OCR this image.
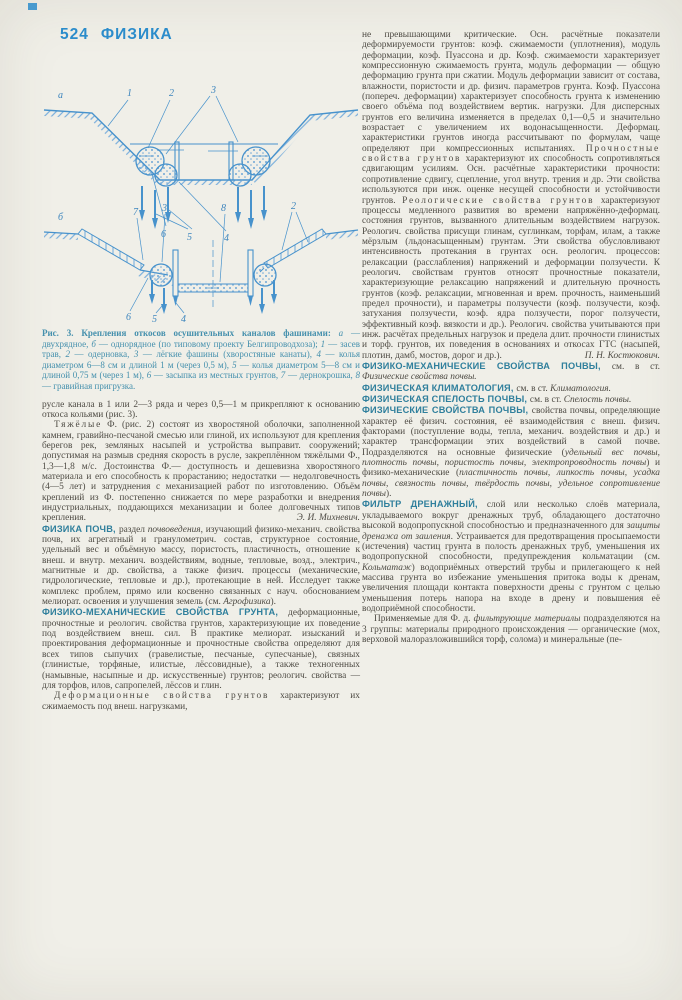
524 ФИЗИКА
а	1	2	3
6 5	4
б	7 3	8	2
6 5 4
Рис. 3. Крепления откосов осушительных каналов фашинами: а — двухрядное, б — однорядное (по типовому проекту Белгипроводхоза); 1 — засев трав, 2 — одерновка, 3 — лёгкие фашины (хворостяные канаты), 4 — колья диаметром 6—8 см и длиной 1 м (через 0,5 м), 5 — колья диаметром 5—8 см и длиной 0,75 м (через 1 м), 6 — засыпка из местных грунтов, 7 — дернокрошка, 8 — гравийная пригрузка.

русле канала в 1 или 2—3 ряда и через 0,5—1 м прикрепляют к основанию откоса кольями (рис. 3).

Тяжёлые Ф. (рис. 2) состоят из хворостяной оболочки, заполненной камнем, гравийно-песчаной смесью или глиной, их используют для крепления берегов рек, земляных насыпей и устройства выправит. сооружений; допустимая на размыв средняя скорость в русле, закреплённом тяжёлыми Ф., 1,3—1,8 м/с. Достоинства Ф.— доступность и дешевизна хворостяного материала и его способность к прорастанию; недостатки — недолговечность (4—5 лет) и затруднения с механизацией работ по изготовлению. Объём креплений из Ф. постепенно снижается по мере разработки и внедрения индустриальных, поддающихся механизации и более долговечных типов крепления.	Э. И. Михневич.

ФИЗИКА ПОЧВ, раздел почвоведения, изучающий физико-механич. свойства почв, их агрегатный и гранулометрич. состав, структурное состояние, удельный вес и объёмную массу, пористость, пластичность, отношение к внеш. и внутр. механич. воздействиям, водные, тепловые, возд., электрич., магнитные и др. свойства, а также физич. процессы (механические, гидрологические, тепловые и др.), протекающие в ней. Исследует также комплекс проблем, прямо или косвенно связанных с науч. обоснованием мелиорат. освоения и улучшения земель (см. Агрофизика).

ФИЗИКО-МЕХАНИЧЕСКИЕ СВОЙСТВА ГРУНТА, деформационные, прочностные и реологич. свойства грунтов, характеризующие их поведение под воздействием внеш. сил. В практике мелиорат. изысканий и проектирования деформационные и прочностные свойства определяют для всех типов сыпучих (гравелистые, песчаные, супесчаные), связных (глинистые, торфяные, илистые, лёссовидные), а также техногенных (намывные, насыпные и др. искусственные) грунтов; реологич. свойства — для торфов, илов, сапропелей, лёссов и глин.

Деформационные свойства грунтов характеризуют их сжимаемость под внеш. нагрузками,

не превышающими критические. Осн. расчётные показатели деформируемости грунтов: коэф. сжимаемости (уплотнения), модуль деформации, коэф. Пуассона и др. Коэф. сжимаемости характеризует компрессионную сжимаемость грунта, модуль деформации — общую деформацию грунта при сжатии. Модуль деформации зависит от состава, влажности, пористости и др. физич. параметров грунта. Коэф. Пуассона (попереч. деформации) характеризует способность грунта к изменению своего объёма под воздействием вертик. нагрузки. Для дисперсных грунтов его величина изменяется в пределах 0,1—0,5 и значительно возрастает с увеличением их водонасыщенности. Деформац. характеристики грунтов иногда рассчитывают по формулам, чаще определяют при компрессионных испытаниях. Прочностные свойства грунтов характеризуют их способность сопротивляться сдвигающим усилиям. Осн. расчётные характеристики прочности: сопротивление сдвигу, сцепление, угол внутр. трения и др. Эти свойства используются при инж. оценке несущей способности и устойчивости грунтов. Реологические свойства грунтов характеризуют процессы медленного развития во времени напряжённо-деформац. состояния грунтов, вызванного длительным воздействием нагрузок. Реологич. свойства присущи глинам, суглинкам, торфам, илам, а также мёрзлым (льдонасыщенным) грунтам. Эти свойства обусловливают интенсивность протекания в грунтах осн. реологич. процессов: релаксации (расслабления) напряжений и деформации ползучести. К реологич. свойствам грунтов относят прочностные показатели, характеризующие релаксацию напряжений и длительную прочность грунтов (коэф. релаксации, мгновенная и врем. прочность, наименьший предел прочности), и параметры ползучести (коэф. ползучести, коэф. затухания ползучести, коэф. ядра ползучести, порог ползучести, эффективный коэф. вязкости и др.). Реологич. свойства учитываются при инж. расчётах предельных нагрузок и предела длит. прочности глинистых и торф. грунтов, их поведения в основаниях и откосах ГТС (насыпей, плотин, дамб, мостов, дорог и др.).	П. Н. Костюкович.

ФИЗИКО-МЕХАНИЧЕСКИЕ СВОЙСТВА ПОЧВЫ, см. в ст. Физические свойства почвы.

ФИЗИЧЕСКАЯ КЛИМАТОЛОГИЯ, см. в ст. Климатология.

ФИЗИЧЕСКАЯ СПЕЛОСТЬ ПОЧВЫ, см. в ст. Спелость почвы.

ФИЗИЧЕСКИЕ СВОЙСТВА ПОЧВЫ, свойства почвы, определяющие характер её физич. состояния, её взаимодействия с внеш. физич. факторами (поступление воды, тепла, механич. воздействия и др.) и характер трансформации этих воздействий в самой почве. Подразделяются на основные физические (удельный вес почвы, плотность почвы, пористость почвы, электропроводность почвы) и физико-механические (пластичность почвы, липкость почвы, усадка почвы, связность почвы, твёрдость почвы, удельное сопротивление почвы).

ФИЛЬТР ДРЕНАЖНЫЙ, слой или несколько слоёв материала, укладываемого вокруг дренажных труб, обладающего достаточно высокой водопропускной способностью и предназначенного для защиты дренажа от заиления. Устраивается для предотвращения просыпаемости (истечения) частиц грунта в полость дренажных труб, уменьшения их водопропускной способности, предупреждения кольматации (см. Кольматаж) водоприёмных отверстий трубы и прилегающего к ней массива грунта во избежание уменьшения притока воды к дренам, увеличения площади контакта поверхности дрены с грунтом с целью уменьшения потерь напора на входе в дрену и повышения её водоприёмной способности.

Применяемые для Ф. д. фильтрующие материалы подразделяются на 3 группы: материалы природного происхождения — органические (мох, верховой малоразложившийся торф, солома) и минеральные (пе-
